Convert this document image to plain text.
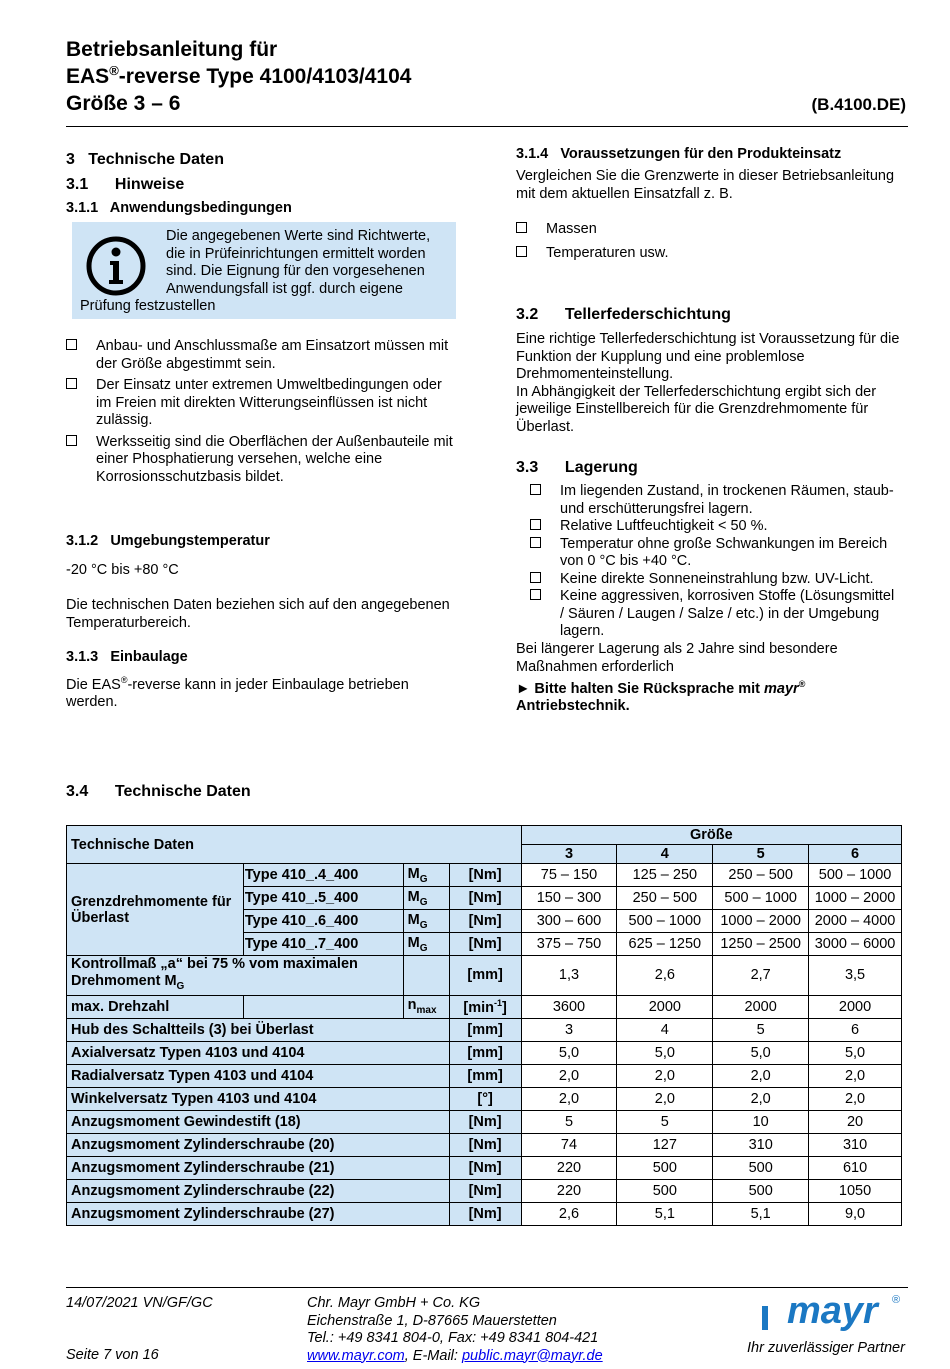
Betriebsanleitung für
EAS®-reverse Type 4100/4103/4104
Größe 3 – 6	(B.4100.DE)
3   Technische Daten
3.1      Hinweise
3.1.1   Anwendungsbedingungen
Die angegebenen Werte sind Richtwerte, die in Prüfeinrichtungen ermittelt worden sind. Die Eignung für den vorgesehenen Anwendungsfall ist ggf. durch eigene Prüfung festzustellen
Anbau- und Anschlussmaße am Einsatzort müssen mit der Größe abgestimmt sein.
Der Einsatz unter extremen Umweltbedingungen oder im Freien mit direkten Witterungseinflüssen ist nicht zulässig.
Werksseitig sind die Oberflächen der Außenbauteile mit einer Phosphatierung versehen, welche eine Korrosionsschutzbasis bildet.
3.1.2   Umgebungstemperatur
-20 °C bis +80 °C
Die technischen Daten beziehen sich auf den angegebenen Temperaturbereich.
3.1.3   Einbaulage
Die EAS®-reverse kann in jeder Einbaulage betrieben werden.
3.1.4   Voraussetzungen für den Produkteinsatz
Vergleichen Sie die Grenzwerte in dieser Betriebsanleitung mit dem aktuellen Einsatzfall z. B.
Massen
Temperaturen usw.
3.2      Tellerfederschichtung
Eine richtige Tellerfederschichtung ist Voraussetzung für die Funktion der Kupplung und eine problemlose Drehmomenteinstellung.
In Abhängigkeit der Tellerfederschichtung ergibt sich der jeweilige Einstellbereich für die Grenzdrehmomente für Überlast.
3.3      Lagerung
Im liegenden Zustand, in trockenen Räumen, staub- und erschütterungsfrei lagern.
Relative Luftfeuchtigkeit < 50 %.
Temperatur ohne große Schwankungen im Bereich von 0 °C bis +40 °C.
Keine direkte Sonneneinstrahlung bzw. UV-Licht.
Keine aggressiven, korrosiven Stoffe (Lösungsmittel / Säuren / Laugen / Salze / etc.) in der Umgebung lagern.
Bei längerer Lagerung als 2 Jahre sind besondere Maßnahmen erforderlich
► Bitte halten Sie Rücksprache mit mayr® Antriebstechnik.
3.4      Technische Daten
Technische Daten				Größe			
				3	4	5	6
Grenzdrehmomente für Überlast	Type 410_.4_400	$M_G$	[Nm]	75 – 150	125 – 250	250 – 500	500 – 1000
	Type 410_.5_400	$M_G$	[Nm]	150 – 300	250 – 500	500 – 1000	1000 – 2000
	Type 410_.6_400	$M_G$	[Nm]	300 – 600	500 – 1000	1000 – 2000	2000 – 4000
	Type 410_.7_400	$M_G$	[Nm]	375 – 750	625 – 1250	1250 – 2500	3000 – 6000
Kontrollmaß „a“ bei 75 % vom maximalen Drehmoment $M_G$			[mm]	1,3	2,6	2,7	3,5
max. Drehzahl		$n_{max}$	$[\min^{-1}]$	3600	2000	2000	2000
Hub des Schaltteils (3) bei Überlast			[mm]	3	4	5	6
Axialversatz Typen 4103 und 4104			[mm]	5,0	5,0	5,0	5,0
Radialversatz Typen 4103 und 4104			[mm]	2,0	2,0	2,0	2,0
Winkelversatz Typen 4103 und 4104			[°]	2,0	2,0	2,0	2,0
Anzugsmoment Gewindestift (18)			[Nm]	5	5	10	20
Anzugsmoment Zylinderschraube (20)			[Nm]	74	127	310	310
Anzugsmoment Zylinderschraube (21)			[Nm]	220	500	500	610
Anzugsmoment Zylinderschraube (22)			[Nm]	220	500	500	1050
Anzugsmoment Zylinderschraube (27)			[Nm]	2,6	5,1	5,1	9,0
14/07/2021 VN/GF/GC
Seite 7 von 16
Chr. Mayr GmbH + Co. KG
Eichenstraße 1, D-87665 Mauerstetten
Tel.: +49 8341 804-0, Fax: +49 8341 804-421
www.mayr.com, E-Mail: public.mayr@mayr.de
mayr ®
Ihr zuverlässiger Partner
